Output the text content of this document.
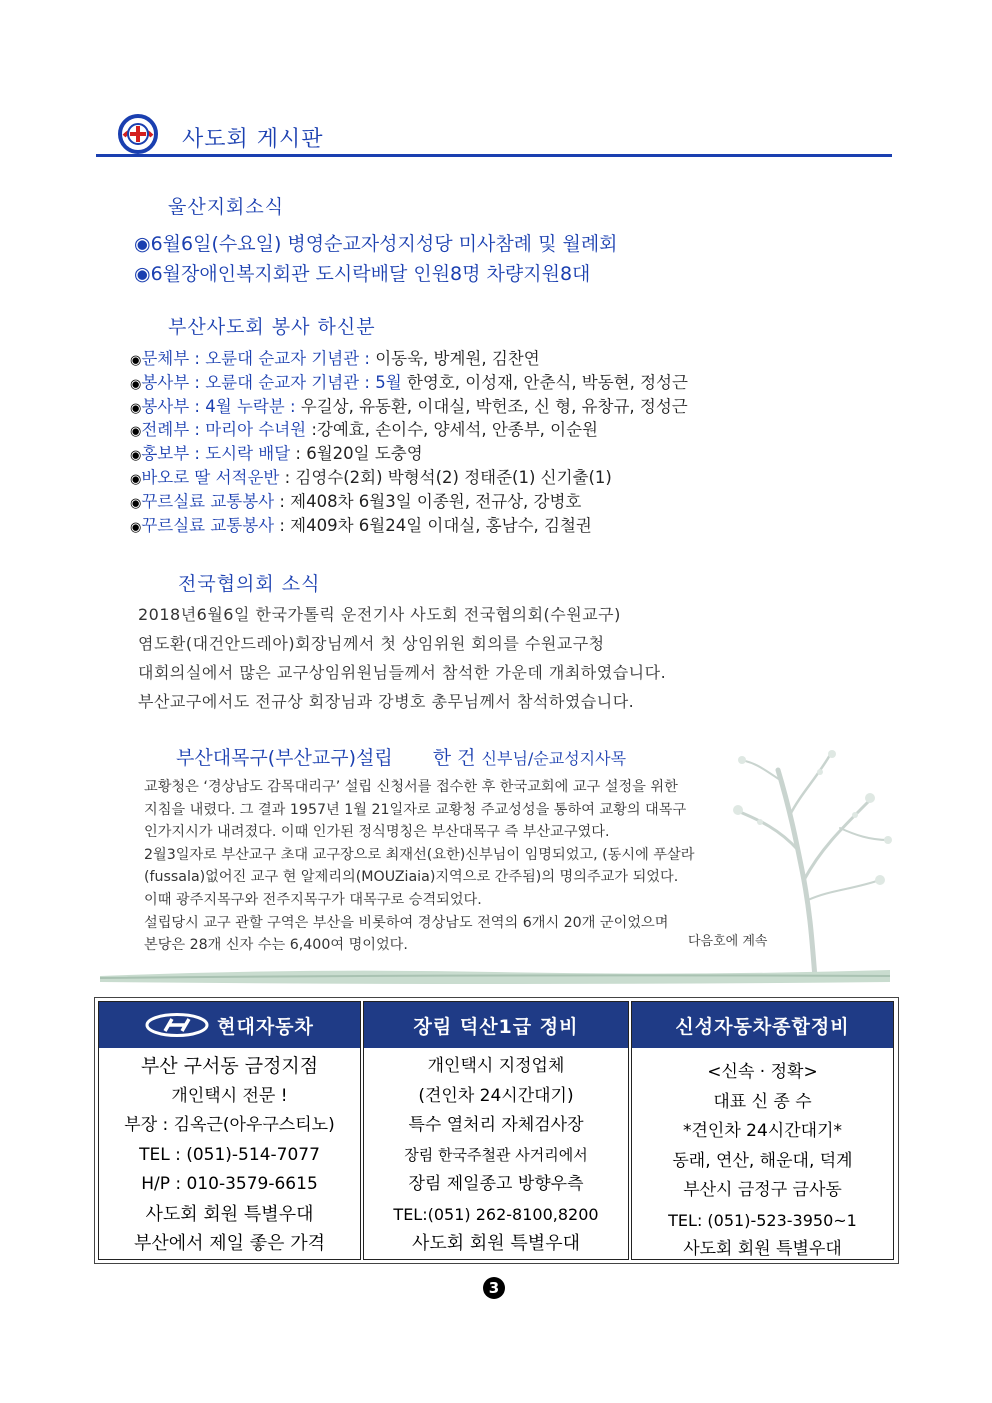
사도회 게시판
울산지회소식
◉6월6일(수요일) 병영순교자성지성당 미사참례 및 월례회
◉6월장애인복지회관 도시락배달 인원8명 차량지원8대
부산사도회 봉사 하신분
◉문체부 : 오륜대 순교자 기념관 : 이동욱, 방계원, 김찬연
◉봉사부 : 오륜대 순교자 기념관 : 5월 한영호, 이성재, 안춘식, 박동현, 정성근
◉봉사부 : 4월 누락분 : 우길상, 유동환, 이대실, 박헌조, 신 형, 유창규, 정성근
◉전례부 : 마리아 수녀원 :강예효, 손이수, 양세석, 안종부, 이순원
◉홍보부 : 도시락 배달 : 6월20일 도충영
◉바오로 딸 서적운반 : 김영수(2회) 박형석(2) 정태준(1) 신기출(1)
◉꾸르실료 교통봉사 : 제408차 6월3일 이종원, 전규상, 강병호
◉꾸르실료 교통봉사 : 제409차 6월24일 이대실, 홍남수, 김철권
전국협의회 소식
2018년6월6일 한국가톨릭 운전기사 사도회 전국협의회(수원교구)
염도환(대건안드레아)회장님께서 첫 상임위원 회의를 수원교구청
대회의실에서 많은 교구상임위원님들께서 참석한 가운데 개최하였습니다.
부산교구에서도 전규상 회장님과 강병호 총무님께서 참석하였습니다.
부산대목구(부산교구)설립 한 건 신부님/순교성지사목
교황청은 ‘경상남도 감목대리구’ 설립 신청서를 접수한 후 한국교회에 교구 설정을 위한
지침을 내렸다. 그 결과 1957년 1월 21일자로 교황청 주교성성을 통하여 교황의 대목구
인가지시가 내려졌다. 이때 인가된 정식명칭은 부산대목구 즉 부산교구였다.
2월3일자로 부산교구 초대 교구장으로 최재선(요한)신부님이 임명되었고, (동시에 푸살라
(fussala)없어진 교구 현 알제리의(MOUZiaia)지역으로 간주됨)의 명의주교가 되었다.
이때 광주지목구와 전주지목구가 대목구로 승격되었다.
설립당시 교구 관할 구역은 부산을 비롯하여 경상남도 전역의 6개시 20개 군이었으며
본당은 28개 신자 수는 6,400여 명이었다.	다음호에 계속
현대자동차
부산 구서동 금정지점
개인택시 전문 !
부장 : 김옥근(아우구스티노)
TEL : (051)-514-7077
H/P : 010-3579-6615
사도회 회원 특별우대
부산에서 제일 좋은 가격
장림 덕산1급 정비
개인택시 지정업체
(견인차 24시간대기)
특수 열처리 자체검사장
장림 한국주철관 사거리에서
장림 제일종고 방향우측
TEL:(051) 262-8100,8200
사도회 회원 특별우대
신성자동차종합정비
<신속 · 정확>
대표 신 종 수
*견인차 24시간대기*
동래, 연산, 해운대, 덕계
부산시 금정구 금사동
TEL: (051)-523-3950~1
사도회 회원 특별우대
3
